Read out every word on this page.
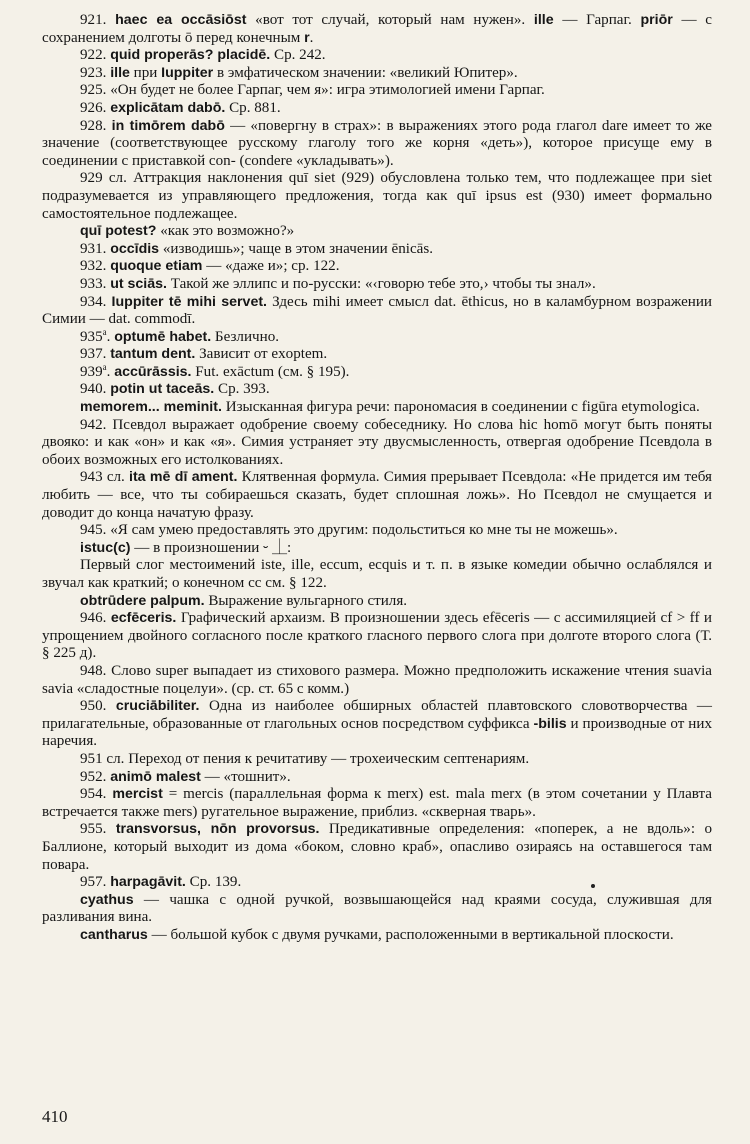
921. haec ea occāsiōst «вот тот случай, который нам нужен». ille — Гарпаг. priōr — с сохранением долготы ō перед конечным r.

922. quid properās? placidē. Ср. 242.

923. ille при Iuppiter в эмфатическом значении: «великий Юпитер».

925. «Он будет не более Гарпаг, чем я»: игра этимологией имени Гарпаг.

926. explicātam dabō. Ср. 881.

928. in timōrem dabō — «повергну в страх»: в выражениях этого рода глагол dare имеет то же значение (соответствующее русскому глаголу того же корня «деть»), которое присуще ему в соединении с приставкой con- (condere «укладывать»).

929 сл. Аттракция наклонения quī siet (929) обусловлена только тем, что подлежащее при siet подразумевается из управляющего предложения, тогда как quī ipsus est (930) имеет формально самостоятельное подлежащее.

quī potest? «как это возможно?»

931. occīdis «изводишь»; чаще в этом значении ēnicās.

932. quoque etiam — «даже и»; ср. 122.

933. ut sciās. Такой же эллипс и по-русски: «‹говорю тебе это,› чтобы ты знал».

934. Iuppiter tē mihi servet. Здесь mihi имеет смысл dat. ēthicus, но в каламбурном возражении Симии — dat. commodī.

$935^а$. optumē habet. Безлично.

937. tantum dent. Зависит от exoptem.

$939^а$. accūrāssis. Fut. exāctum (см. § 195).

940. potin ut taceās. Ср. 393.

memorem... meminit. Изысканная фигура речи: парономасия в соединении с figūra etymologica.

942. Псевдол выражает одобрение своему собеседнику. Но слова hic homō могут быть поняты двояко: и как «он» и как «я». Симия устраняет эту двусмысленность, отвергая одобрение Псевдола в обоих возможных его истолкованиях.

943 сл. ita mē dī ament. Клятвенная формула. Симия прерывает Псевдола: «Не придется им тебя любить — все, что ты собираешься сказать, будет сплошная ложь». Но Псевдол не смущается и доводит до конца начатую фразу.

945. «Я сам умею предоставлять это другим: подольститься ко мне ты не можешь».

istuc(c) — в произношении ⏑ ⏊:

Первый слог местоимений iste, ille, eccum, ecquis и т. п. в языке комедии обычно ослаблялся и звучал как краткий; о конечном cc см. § 122.

obtrūdere palpum. Выражение вульгарного стиля.

946. ecfēceris. Графический архаизм. В произношении здесь efēceris — с ассимиляцией cf > ff и упрощением двойного согласного после краткого гласного первого слога при долготе второго слога (Т. § 225 д).

948. Слово super выпадает из стихового размера. Можно предположить искажение чтения suavia savia «сладостные поцелуи». (ср. ст. 65 с комм.)

950. cruciābiliter. Одна из наиболее обширных областей плавтовского словотворчества — прилагательные, образованные от глагольных основ посредством суффикса -bilis и производные от них наречия.

951 сл. Переход от пения к речитативу — трохеическим септенариям.

952. animō malest — «тошнит».

954. mercist = mercis (параллельная форма к merx) est. mala merx (в этом сочетании у Плавта встречается также mers) ругательное выражение, приблиз. «скверная тварь».

955. transvorsus, nōn provorsus. Предикативные определения: «поперек, а не вдоль»: о Баллионе, который выходит из дома «боком, словно краб», опасливо озираясь на оставшегося там повара.

957. harpagāvit. Ср. 139.

cyathus — чашка с одной ручкой, возвышающейся над краями сосуда, служившая для разливания вина.

cantharus — большой кубок с двумя ручками, расположенными в вертикальной плоскости.

410
